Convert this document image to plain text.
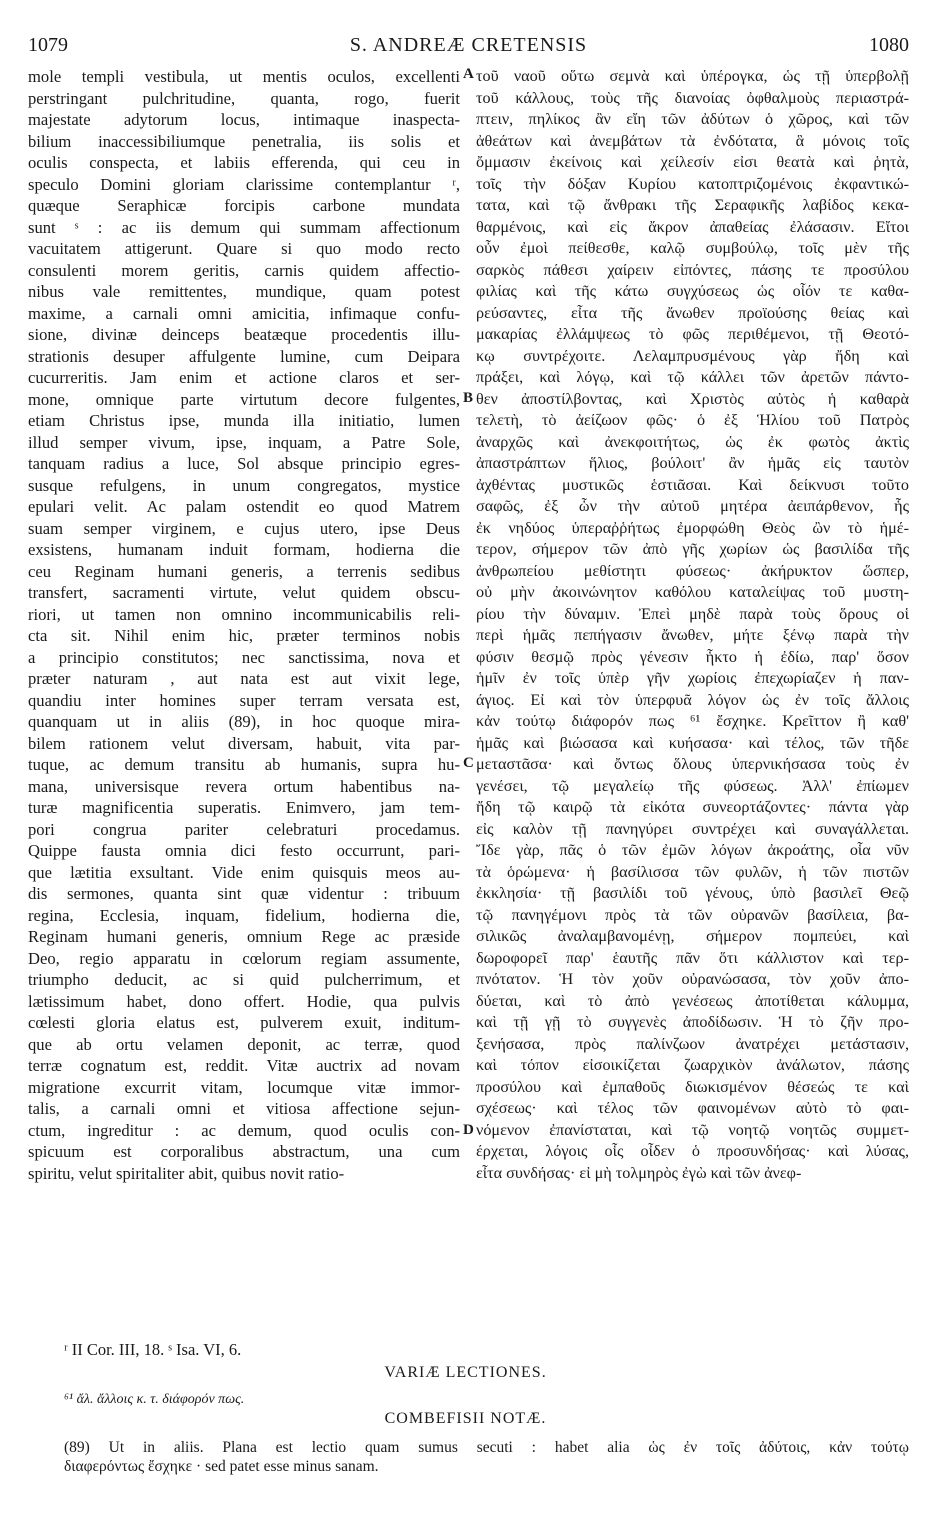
1079	S. ANDREÆ CRETENSIS	1080
mole templi vestibula, ut mentis oculos, excellenti
perstringant pulchritudine, quanta, rogo, fuerit
majestate adytorum locus, intimaque inaspecta-
bilium inaccessibiliumque penetralia, iis solis et
oculis conspecta, et labiis efferenda, qui ceu in
speculo Domini gloriam clarissime contemplantur ʳ,
quæque Seraphicæ forcipis carbone mundata
sunt ˢ : ac iis demum qui summam affectionum
vacuitatem attigerunt. Quare si quo modo recto
consulenti morem geritis, carnis quidem affectio-
nibus vale remittentes, mundique, quam potest
maxime, a carnali omni amicitia, infimaque confu-
sione, divinæ deinceps beatæque procedentis illu-
strationis desuper affulgente lumine, cum Deipara
cucurreritis. Jam enim et actione claros et ser-
mone, omnique parte virtutum decore fulgentes,
etiam Christus ipse, munda illa initiatio, lumen
illud semper vivum, ipse, inquam, a Patre Sole,
tanquam radius a luce, Sol absque principio egres-
susque refulgens, in unum congregatos, mystice
epulari velit. Ac palam ostendit eo quod Matrem
suam semper virginem, e cujus utero, ipse Deus
exsistens, humanam induit formam, hodierna die
ceu Reginam humani generis, a terrenis sedibus
transfert, sacramenti virtute, velut quidem obscu-
riori, ut tamen non omnino incommunicabilis reli-
cta sit. Nihil enim hic, præter terminos nobis
a principio constitutos; nec sanctissima, nova et
præter naturam , aut nata est aut vixit lege,
quandiu inter homines super terram versata est,
quanquam ut in aliis (89), in hoc quoque mira-
bilem rationem velut diversam, habuit, vita par-
tuque, ac demum transitu ab humanis, supra hu-
mana, universisque revera ortum habentibus na-
turæ magnificentia superatis. Enimvero, jam tem-
pori congrua pariter celebraturi procedamus.
Quippe fausta omnia dici festo occurrunt, pari-
que lætitia exsultant. Vide enim quisquis meos au-
dis sermones, quanta sint quæ videntur : tribuum
regina, Ecclesia, inquam, fidelium, hodierna die,
Reginam humani generis, omnium Rege ac præside
Deo, regio apparatu in cœlorum regiam assumente,
triumpho deducit, ac si quid pulcherrimum, et
lætissimum habet, dono offert. Hodie, qua pulvis
cœlesti gloria elatus est, pulverem exuit, inditum-
que ab ortu velamen deponit, ac terræ, quod
terræ cognatum est, reddit. Vitæ auctrix ad novam
migratione excurrit vitam, locumque vitæ immor-
talis, a carnali omni et vitiosa affectione sejun-
ctum, ingreditur : ac demum, quod oculis con-
spicuum est corporalibus abstractum, una cum
spiritu, velut spiritaliter abit, quibus novit ratio-
τοῦ ναοῦ οὕτω σεμνὰ καὶ ὑπέρογκα, ὡς τῇ ὑπερβολῇ
τοῦ κάλλους, τοὺς τῆς διανοίας ὀφθαλμοὺς περιαστρά-
πτειν, πηλίκος ἂν εἴη τῶν ἀδύτων ὁ χῶρος, καὶ τῶν
ἀθεάτων καὶ ἀνεμβάτων τὰ ἐνδότατα, ἃ μόνοις τοῖς
ὄμμασιν ἐκείνοις καὶ χείλεσίν εἰσι θεατὰ καὶ ῥητὰ,
τοῖς τὴν δόξαν Κυρίου κατοπτριζομένοις ἐκφαντικώ-
τατα, καὶ τῷ ἄνθρακι τῆς Σεραφικῆς λαβίδος κεκα-
θαρμένοις, καὶ εἰς ἄκρον ἀπαθείας ἐλάσασιν. Εἴτοι
οὖν ἐμοὶ πείθεσθε, καλῷ συμβούλῳ, τοῖς μὲν τῆς
σαρκὸς πάθεσι χαίρειν εἰπόντες, πάσης τε προσύλου
φιλίας καὶ τῆς κάτω συγχύσεως ὡς οἷόν τε καθα-
ρεύσαντες, εἶτα τῆς ἄνωθεν προϊούσης θείας καὶ
μακαρίας ἐλλάμψεως τὸ φῶς περιθέμενοι, τῇ Θεοτό-
κῳ συντρέχοιτε. Λελαμπρυσμένους γὰρ ἤδη καὶ
πράξει, καὶ λόγῳ, καὶ τῷ κάλλει τῶν ἀρετῶν πάντο-
θεν ἀποστίλβοντας, καὶ Χριστὸς αὐτὸς ἡ καθαρὰ
τελετὴ, τὸ ἀείζωον φῶς· ὁ ἐξ Ἡλίου τοῦ Πατρὸς
ἀναρχῶς καὶ ἀνεκφοιτήτως, ὡς ἐκ φωτὸς ἀκτὶς
ἀπαστράπτων ἥλιος, βούλοιτ' ἂν ἡμᾶς εἰς ταυτὸν
ἀχθέντας μυστικῶς ἑστιᾶσαι. Καὶ δείκνυσι τοῦτο
σαφῶς, ἐξ ὧν τὴν αὐτοῦ μητέρα ἀειπάρθενον, ἧς
ἐκ νηδύος ὑπεραῤῥήτως ἐμορφώθη Θεὸς ὢν τὸ ἡμέ-
τερον, σήμερον τῶν ἀπὸ γῆς χωρίων ὡς βασιλίδα τῆς
ἀνθρωπείου μεθίστητι φύσεως· ἀκήρυκτον ὥσπερ,
οὐ μὴν ἀκοινώνητον καθόλου καταλείψας τοῦ μυστη-
ρίου τὴν δύναμιν. Ἐπεὶ μηδὲ παρὰ τοὺς ὅρους οἱ
περὶ ἡμᾶς πεπήγασιν ἄνωθεν, μήτε ξένῳ παρὰ τὴν
φύσιν θεσμῷ πρὸς γένεσιν ἧκτο ἡ ἐδίω, παρ' ὅσον
ἡμῖν ἐν τοῖς ὑπὲρ γῆν χωρίοις ἐπεχωρίαζεν ἡ παν-
άγιος. Εἰ καὶ τὸν ὑπερφυᾶ λόγον ὡς ἐν τοῖς ἄλλοις
κἀν τούτῳ διάφορόν πως ⁶¹ ἔσχηκε. Κρεῖττον ἢ καθ'
ἡμᾶς καὶ βιώσασα καὶ κυήσασα· καὶ τέλος, τῶν τῆδε
μεταστᾶσα· καὶ ὄντως ὅλους ὑπερνικήσασα τοὺς ἐν
γενέσει, τῷ μεγαλείῳ τῆς φύσεως. Ἀλλ' ἐπίωμεν
ἤδη τῷ καιρῷ τὰ εἰκότα συνεορτάζοντες· πάντα γὰρ
εἰς καλὸν τῇ πανηγύρει συντρέχει καὶ συναγάλλεται.
Ἴδε γὰρ, πᾶς ὁ τῶν ἐμῶν λόγων ἀκροάτης, οἷα νῦν
τὰ ὁρώμενα· ἡ βασίλισσα τῶν φυλῶν, ἡ τῶν πιστῶν
ἐκκλησία· τῇ βασιλίδι τοῦ γένους, ὑπὸ βασιλεῖ Θεῷ
τῷ πανηγέμονι πρὸς τὰ τῶν οὐρανῶν βασίλεια, βα-
σιλικῶς ἀναλαμβανομένῃ, σήμερον πομπεύει, καὶ
δωροφορεῖ παρ' ἑαυτῆς πᾶν ὅτι κάλλιστον καὶ τερ-
πνότατον. Ἡ τὸν χοῦν οὐρανώσασα, τὸν χοῦν ἀπο-
δύεται, καὶ τὸ ἀπὸ γενέσεως ἀποτίθεται κάλυμμα,
καὶ τῇ γῇ τὸ συγγενὲς ἀποδίδωσιν. Ἡ τὸ ζῆν προ-
ξενήσασα, πρὸς παλίνζωον ἀνατρέχει μετάστασιν,
καὶ τόπον εἰσοικίζεται ζωαρχικὸν ἀνάλωτον, πάσης
προσύλου καὶ ἐμπαθοῦς διωκισμένον θέσεώς τε καὶ
σχέσεως· καὶ τέλος τῶν φαινομένων αὐτὸ τὸ φαι-
νόμενον ἐπανίσταται, καὶ τῷ νοητῷ νοητῶς συμμετ-
έρχεται, λόγοις οἷς οἶδεν ὁ προσυνδήσας· καὶ λύσας,
εἶτα συνδήσας· εἰ μὴ τολμηρὸς ἐγὼ καὶ τῶν ἀνεφ-
A
B
C
D
ʳ II Cor. III, 18. ˢ Isa. VI, 6.
VARIÆ LECTIONES.
⁶¹ ἄλ. ἄλλοις κ. τ. διάφορόν πως.
COMBEFISII NOTÆ.
(89) Ut in aliis. Plana est lectio quam sumus secuti : habet alia ὡς ἐν τοῖς ἀδύτοις, κἀν τούτῳ
διαφερόντως ἔσχηκε · sed patet esse minus sanam.
